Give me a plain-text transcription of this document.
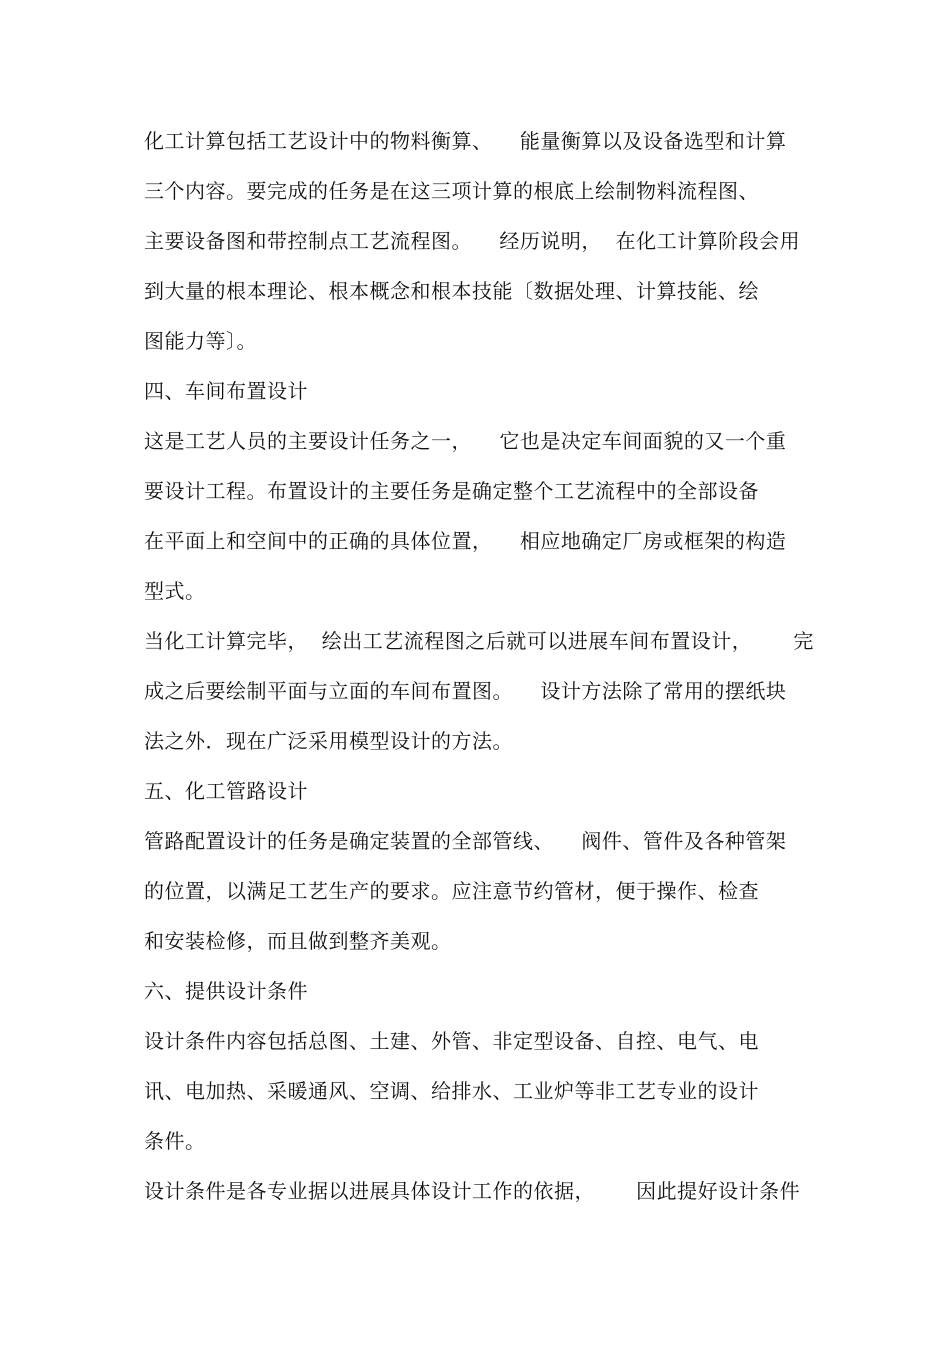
化工计算包括工艺设计中的物料衡算、    能量衡算以及设备选型和计算
三个内容。要完成的任务是在这三项计算的根底上绘制物料流程图、
主要设备图和带控制点工艺流程图。    经历说明，  在化工计算阶段会用
到大量的根本理论、根本概念和根本技能〔数据处理、计算技能、绘
图能力等〕。
四、车间布置设计
这是工艺人员的主要设计任务之一，    它也是决定车间面貌的又一个重
要设计工程。布置设计的主要任务是确定整个工艺流程中的全部设备
在平面上和空间中的正确的具体位置，    相应地确定厂房或框架的构造
型式。
当化工计算完毕，  绘出工艺流程图之后就可以进展车间布置设计，      完
成之后要绘制平面与立面的车间布置图。    设计方法除了常用的摆纸块
法之外．现在广泛采用模型设计的方法。
五、化工管路设计
管路配置设计的任务是确定装置的全部管线、    阀件、管件及各种管架
的位置，以满足工艺生产的要求。应注意节约管材，便于操作、检查
和安装检修，而且做到整齐美观。
六、提供设计条件
设计条件内容包括总图、土建、外管、非定型设备、自控、电气、电
讯、电加热、采暖通风、空调、给排水、工业炉等非工艺专业的设计
条件。
设计条件是各专业据以进展具体设计工作的依据，      因此提好设计条件
